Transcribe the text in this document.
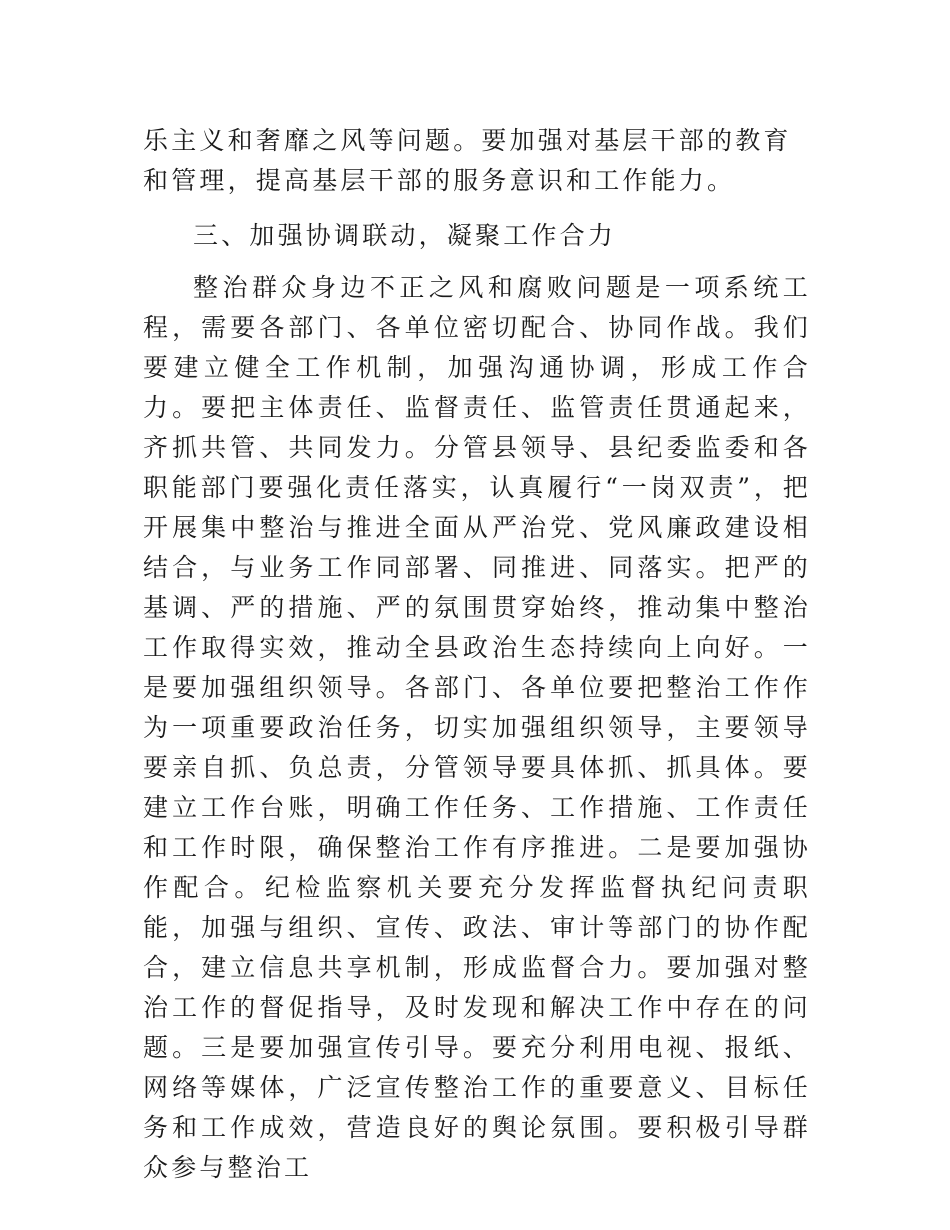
乐主义和奢靡之风等问题。要加强对基层干部的教育和管理，提高基层干部的服务意识和工作能力。

三、加强协调联动，凝聚工作合力

整治群众身边不正之风和腐败问题是一项系统工程，需要各部门、各单位密切配合、协同作战。我们要建立健全工作机制，加强沟通协调，形成工作合力。要把主体责任、监督责任、监管责任贯通起来，齐抓共管、共同发力。分管县领导、县纪委监委和各职能部门要强化责任落实，认真履行“一岗双责”，把开展集中整治与推进全面从严治党、党风廉政建设相结合，与业务工作同部署、同推进、同落实。把严的基调、严的措施、严的氛围贯穿始终，推动集中整治工作取得实效，推动全县政治生态持续向上向好。一是要加强组织领导。各部门、各单位要把整治工作作为一项重要政治任务，切实加强组织领导，主要领导要亲自抓、负总责，分管领导要具体抓、抓具体。要建立工作台账，明确工作任务、工作措施、工作责任和工作时限，确保整治工作有序推进。二是要加强协作配合。纪检监察机关要充分发挥监督执纪问责职能，加强与组织、宣传、政法、审计等部门的协作配合，建立信息共享机制，形成监督合力。要加强对整治工作的督促指导，及时发现和解决工作中存在的问题。三是要加强宣传引导。要充分利用电视、报纸、网络等媒体，广泛宣传整治工作的重要意义、目标任务和工作成效，营造良好的舆论氛围。要积极引导群众参与整治工
